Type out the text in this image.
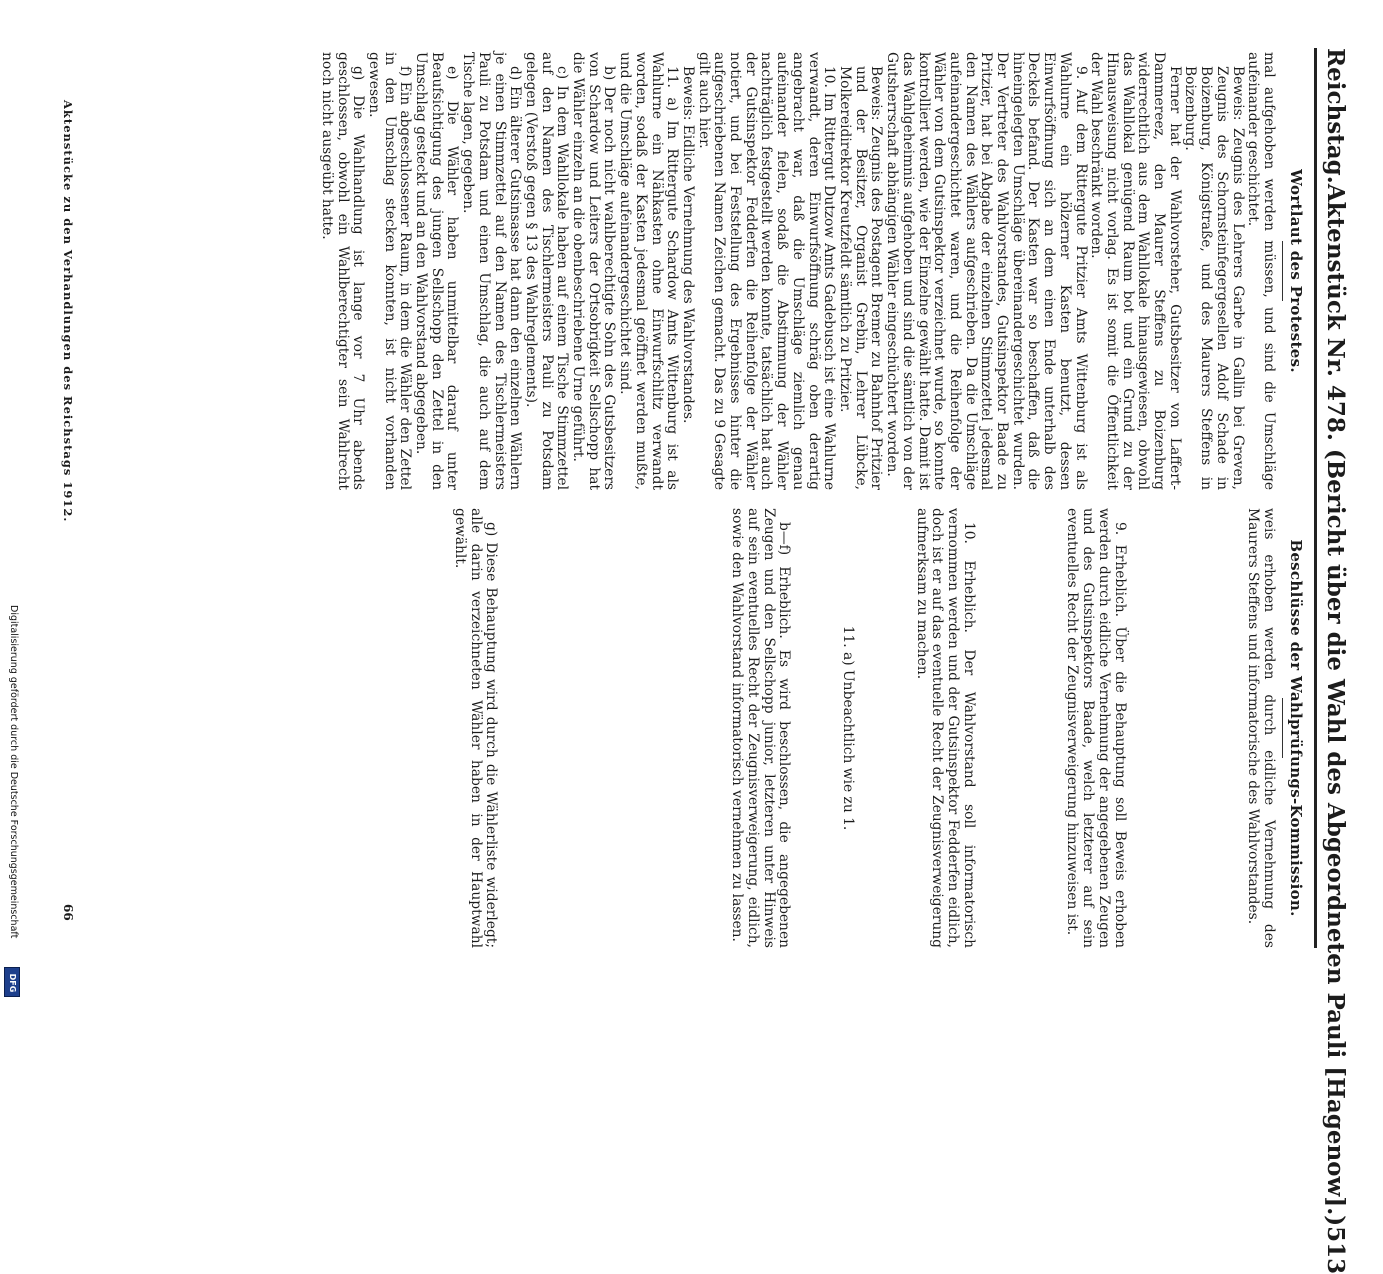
Reichstag.
Aktenstück Nr. 478. (Bericht über die Wahl des Abgeordneten Pauli [Hagenow].)
513
Wortlaut des Protestes.

mal aufgehoben werden müssen, und sind die Umschläge aufeinander geschichtet.

Beweis: Zeugnis des Lehrers Garbe in Gallin bei Greven, Zeugnis des Schornsteinfegergesellen Adolf Schade in Boizenburg, Königstraße, und des Maurers Steffens in Boizenburg.

Ferner hat der Wahlvorsteher, Gutsbesitzer von Laffert-Dammereez, den Maurer Steffens zu Boizenburg widerrechtlich aus dem Wahllokale hinausgewiesen, obwohl das Wahllokal genügend Raum bot und ein Grund zu der Hinausweisung nicht vorlag. Es ist somit die Öffentlichkeit der Wahl beschränkt worden.

9. Auf dem Rittergute Pritzier Amts Wittenburg ist als Wahlurne ein hölzerner Kasten benutzt, dessen Einwurfsöffnung sich an dem einen Ende unterhalb des Deckels befand. Der Kasten war so beschaffen, daß die hineingelegten Umschläge übereinandergeschichtet wurden. Der Vertreter des Wahlvorstandes, Gutsinspektor Baade zu Pritzier, hat bei Abgabe der einzelnen Stimmzettel jedesmal den Namen des Wählers aufgeschrieben. Da die Umschläge aufeinandergeschichtet waren, und die Reihenfolge der Wähler von dem Gutsinspektor verzeichnet wurde, so konnte kontrolliert werden, wie der Einzelne gewählt hatte. Damit ist das Wahlgeheimnis aufgehoben und sind die sämtlich von der Gutsherrschaft abhängigen Wähler eingeschüchtert worden.

Beweis: Zeugnis des Postagent Bremer zu Bahnhof Pritzier und der Besitzer, Organist Grebin, Lehrer Lübcke, Molkereidirektor Kreutzfeldt sämtlich zu Pritzier.

10. Im Rittergut Dutzow Amts Gadebusch ist eine Wahlurne verwandt, deren Einwurfsöffnung schräg oben derartig angebracht war, daß die Umschläge ziemlich genau aufeinander fielen, sodaß die Abstimmung der Wähler nachträglich festgestellt werden konnte, tatsächlich hat auch der Gutsinspektor Fedderfen die Reihenfolge der Wähler notiert, und bei Feststellung des Ergebnisses hinter die aufgeschriebenen Namen Zeichen gemacht. Das zu 9 Gesagte gilt auch hier.

Beweis: Eidliche Vernehmung des Wahlvorstandes.

11. a) Im Rittergute Schardow Amts Wittenburg ist als Wahlurne ein Nähkasten ohne Einwurfschlitz verwandt worden, sodaß der Kasten jedesmal geöffnet werden mußte, und die Umschläge aufeinandergeschichtet sind.

b) Der noch nicht wahlberechtigte Sohn des Gutsbesitzers von Schardow und Leiters der Ortsobrigkeit Sellschopp hat die Wähler einzeln an die obenbeschriebene Urne geführt.

c) In dem Wahllokale haben auf einem Tische Stimmzettel auf den Namen des Tischlermeisters Pauli zu Potsdam gelegen (Verstoß gegen § 13 des Wahlreglements).

d) Ein älterer Gutsinsasse hat dann den einzelnen Wählern je einen Stimmzettel auf den Namen des Tischlermeisters Pauli zu Potsdam und einen Umschlag, die auch auf dem Tische lagen, gegeben.

e) Die Wähler haben unmittelbar darauf unter Beaufsichtigung des jungen Sellschopp den Zettel in den Umschlag gesteckt und an den Wahlvorstand abgegeben.

f) Ein abgeschlossener Raum, in dem die Wähler den Zettel in den Umschlag stecken konnten, ist nicht vorhanden gewesen.

g) Die Wahlhandlung ist lange vor 7 Uhr abends geschlossen, obwohl ein Wahlberechtigter sein Wahlrecht noch nicht ausgeübt hatte.

Beschlüsse der Wahlprüfungs-Kommission.

weis erhoben werden durch eidliche Vernehmung des Maurers Steffens und informatorische des Wahlvorstandes.

9. Erheblich. Über die Behauptung soll Beweis erhoben werden durch eidliche Vernehmung der angegebenen Zeugen und des Gutsinspektors Baade, welch letzterer auf sein eventuelles Recht der Zeugnisverweigerung hinzuweisen ist.

10. Erheblich. Der Wahlvorstand soll informatorisch vernommen werden und der Gutsinspektor Fedderfen eidlich, doch ist er auf das eventuelle Recht der Zeugnisverweigerung aufmerksam zu machen.

11. a) Unbeachtlich wie zu 1.

b—f) Erheblich. Es wird beschlossen, die angegebenen Zeugen und den Sellschopp junior, letzteren unter Hinweis auf sein eventuelles Recht der Zeugnisverweigerung, eidlich, sowie den Wahlvorstand informatorisch vernehmen zu lassen.

g) Diese Behauptung wird durch die Wählerliste widerlegt; alle darin verzeichneten Wähler haben in der Hauptwahl gewählt.

Aktenstücke zu den Verhandlungen des Reichstags 1912.
66
Digitalisierung gefördert durch die Deutsche Forschungsgemeinschaft
DFG
